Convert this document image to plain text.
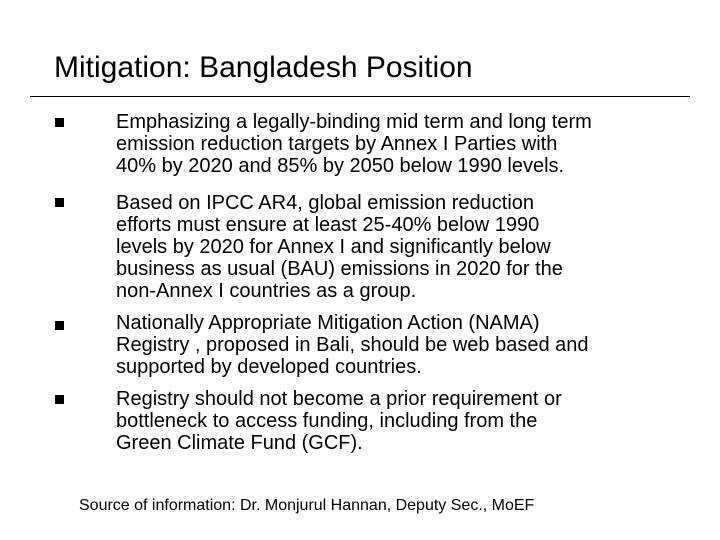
Mitigation: Bangladesh Position
Emphasizing a legally-binding mid term and long term
emission reduction targets by Annex I Parties with
40% by 2020 and 85% by 2050 below 1990 levels.
Based on IPCC AR4, global emission reduction
efforts must ensure at least 25-40% below 1990
levels by 2020 for Annex I and significantly below
business as usual (BAU) emissions in 2020 for the
non-Annex I countries as a group.
Nationally Appropriate Mitigation Action (NAMA)
Registry , proposed in Bali, should be web based and
supported by developed countries.
Registry should not become a prior requirement or
bottleneck to access funding, including from the
Green Climate Fund (GCF).
Source of information: Dr. Monjurul Hannan, Deputy Sec., MoEF
